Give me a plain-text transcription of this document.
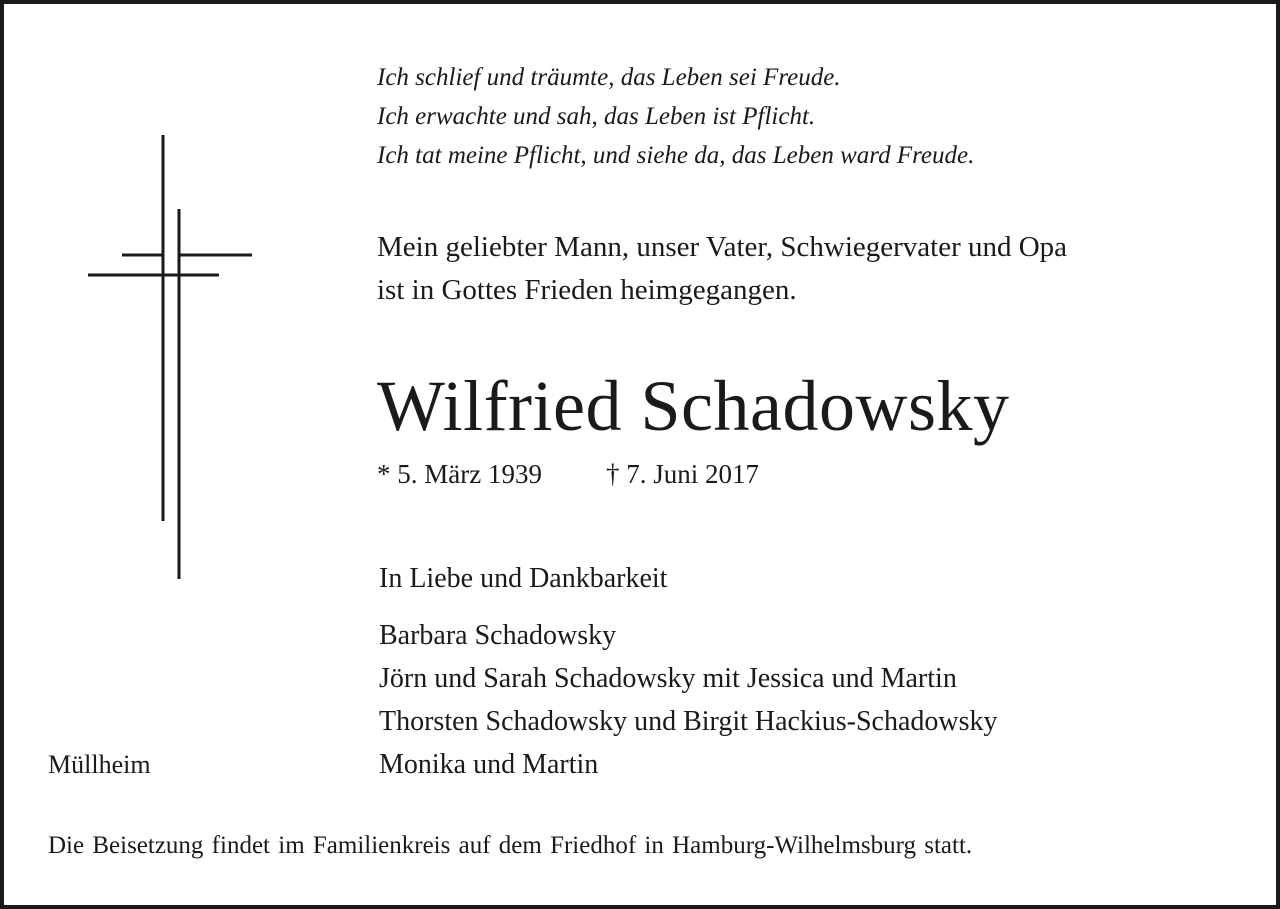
Ich schlief und träumte, das Leben sei Freude.
Ich erwachte und sah, das Leben ist Pflicht.
Ich tat meine Pflicht, und siehe da, das Leben ward Freude.
Mein geliebter Mann, unser Vater, Schwiegervater und Opa
ist in Gottes Frieden heimgegangen.
Wilfried Schadowsky
* 5. März 1939 † 7. Juni 2017
In Liebe und Dankbarkeit
Barbara Schadowsky
Jörn und Sarah Schadowsky mit Jessica und Martin
Thorsten Schadowsky und Birgit Hackius-Schadowsky
Monika und Martin
Müllheim
Die Beisetzung findet im Familienkreis auf dem Friedhof in Hamburg-Wilhelmsburg statt.
